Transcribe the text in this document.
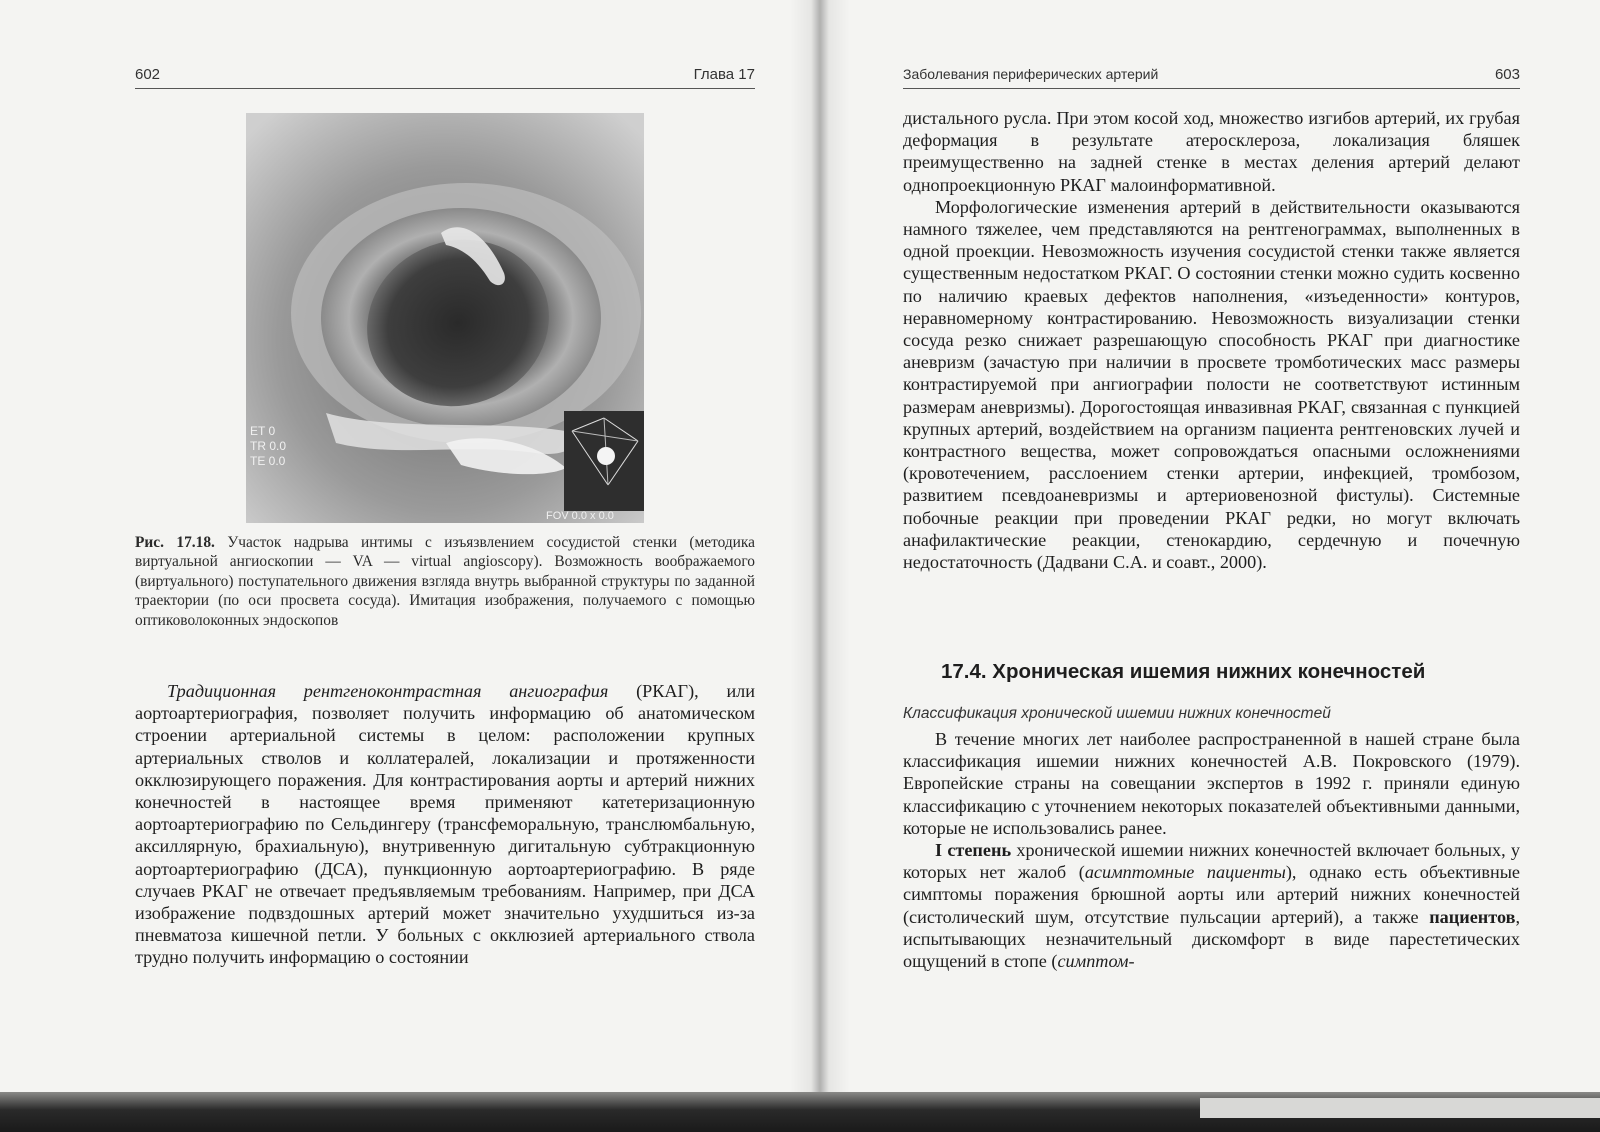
602	Глава 17
ET 0
TR 0.0
TE 0.0
FOV 0.0 x 0.0
Рис. 17.18. Участок надрыва интимы с изъязвлением сосудистой стенки (методика виртуальной ангиоскопии — VA — virtual angioscopy). Возможность воображаемого (виртуального) поступательного движения взгляда внутрь выбранной структуры по заданной траектории (по оси просвета сосуда). Имитация изображения, получаемого с помощью оптиковолоконных эндоскопов

Традиционная рентгеноконтрастная ангиография (РКАГ), или аортоартериография, позволяет получить информацию об анатомическом строении артериальной системы в целом: расположении крупных артериальных стволов и коллатералей, локализации и протяженности окклюзирующего поражения. Для контрастирования аорты и артерий нижних конечностей в настоящее время применяют катетеризационную аортоартериографию по Сельдингеру (трансфеморальную, транслюмбальную, аксиллярную, брахиальную), внутривенную дигитальную субтракционную аортоартериографию (ДСА), пункционную аортоартериографию. В ряде случаев РКАГ не отвечает предъявляемым требованиям. Например, при ДСА изображение подвздошных артерий может значительно ухудшиться из-за пневматоза кишечной петли. У больных с окклюзией артериального ствола трудно получить информацию о состоянии

Заболевания периферических артерий	603

дистального русла. При этом косой ход, множество изгибов артерий, их грубая деформация в результате атеросклероза, локализация бляшек преимущественно на задней стенке в местах деления артерий делают однопроекционную РКАГ малоинформативной.

Морфологические изменения артерий в действительности оказываются намного тяжелее, чем представляются на рентгенограммах, выполненных в одной проекции. Невозможность изучения сосудистой стенки также является существенным недостатком РКАГ. О состоянии стенки можно судить косвенно по наличию краевых дефектов наполнения, «изъеденности» контуров, неравномерному контрастированию. Невозможность визуализации стенки сосуда резко снижает разрешающую способность РКАГ при диагностике аневризм (зачастую при наличии в просвете тромботических масс размеры контрастируемой при ангиографии полости не соответствуют истинным размерам аневризмы). Дорогостоящая инвазивная РКАГ, связанная с пункцией крупных артерий, воздействием на организм пациента рентгеновских лучей и контрастного вещества, может сопровождаться опасными осложнениями (кровотечением, расслоением стенки артерии, инфекцией, тромбозом, развитием псевдоаневризмы и артериовенозной фистулы). Системные побочные реакции при проведении РКАГ редки, но могут включать анафилактические реакции, стенокардию, сердечную и почечную недостаточность (Дадвани С.А. и соавт., 2000).

17.4. Хроническая ишемия нижних конечностей
Классификация хронической ишемии нижних конечностей

В течение многих лет наиболее распространенной в нашей стране была классификация ишемии нижних конечностей А.В. Покровского (1979). Европейские страны на совещании экспертов в 1992 г. приняли единую классификацию с уточнением некоторых показателей объективными данными, которые не использовались ранее.

I степень хронической ишемии нижних конечностей включает больных, у которых нет жалоб (асимптомные пациенты), однако есть объективные симптомы поражения брюшной аорты или артерий нижних конечностей (систолический шум, отсутствие пульсации артерий), а также пациентов, испытывающих незначительный дискомфорт в виде парестетических ощущений в стопе (симптом-
